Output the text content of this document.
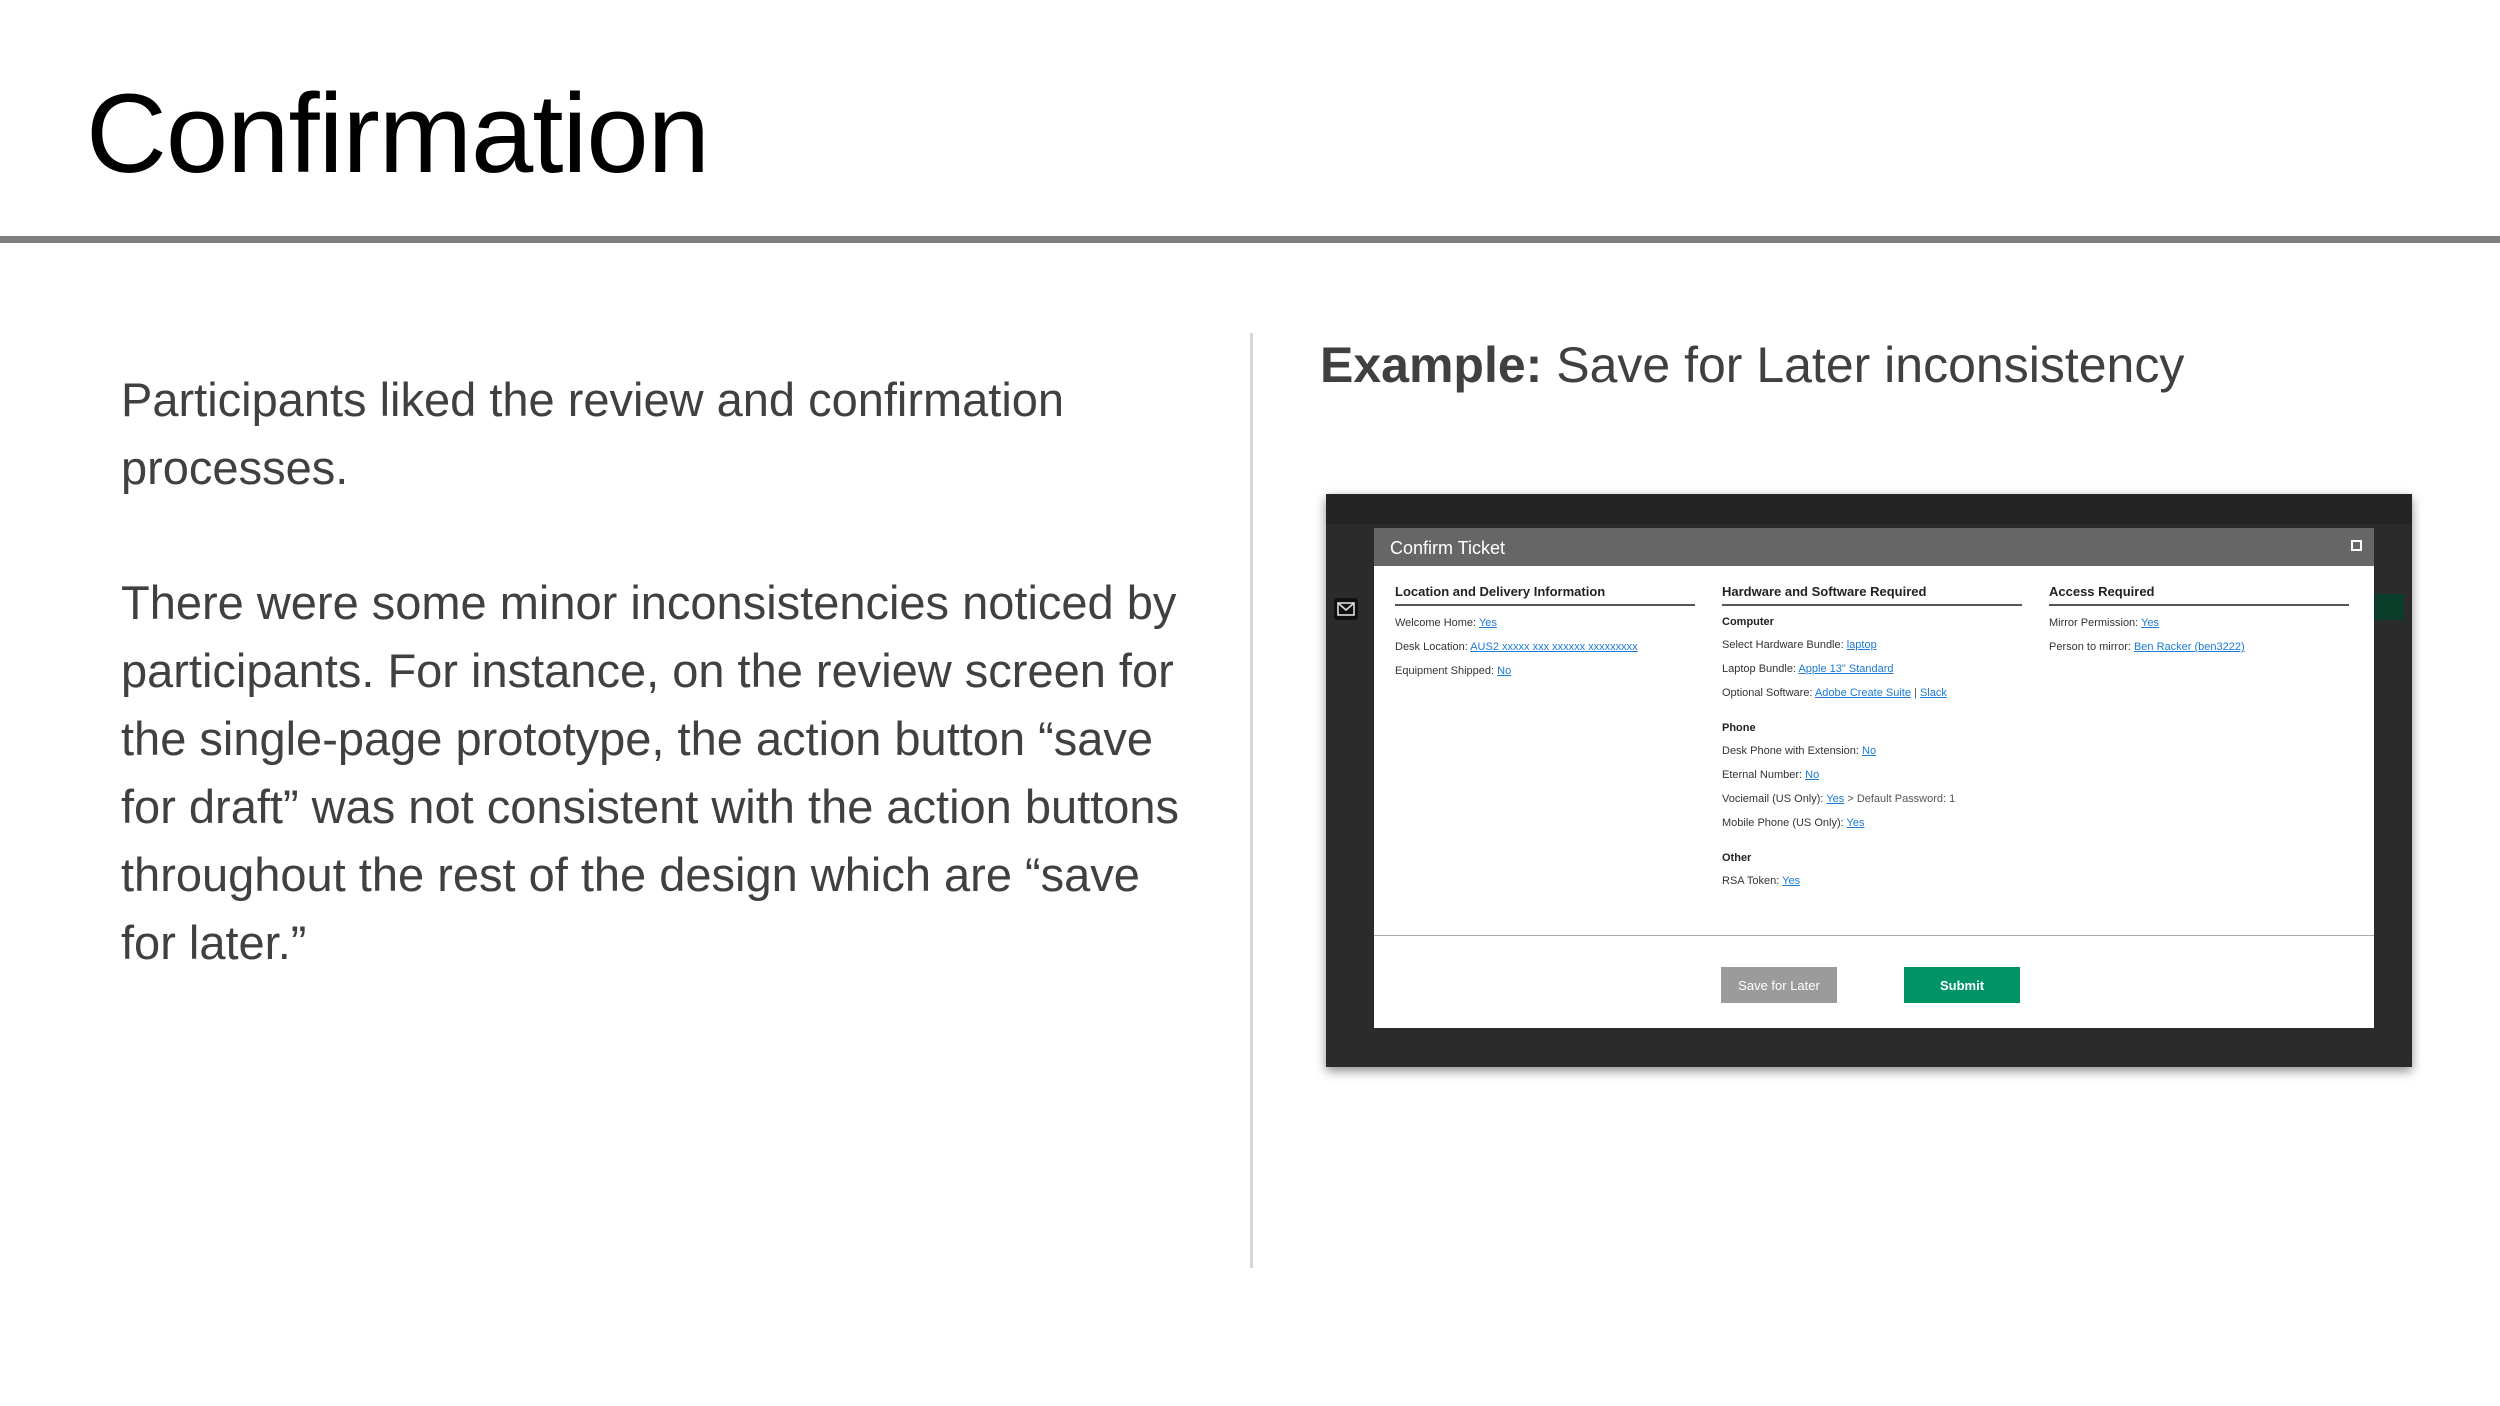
Confirmation

Participants liked the review and confirmation processes.

There were some minor inconsistencies noticed by participants. For instance, on the review screen for the single-page prototype, the action button “save for draft” was not consistent with the action buttons throughout the rest of the design which are “save for later.”

Example: Save for Later inconsistency
Confirm Ticket
Location and Delivery Information
Welcome Home: Yes
Desk Location: AUS2 xxxxx xxx xxxxxx xxxxxxxxx
Equipment Shipped: No
Hardware and Software Required
Computer
Select Hardware Bundle: laptop
Laptop Bundle: Apple 13" Standard
Optional Software: Adobe Create Suite | Slack
Phone
Desk Phone with Extension: No
Eternal Number: No
Vociemail (US Only): Yes > Default Password: 1
Mobile Phone (US Only): Yes
Other
RSA Token: Yes
Access Required
Mirror Permission: Yes
Person to mirror: Ben Racker (ben3222)
Save for Later	Submit
